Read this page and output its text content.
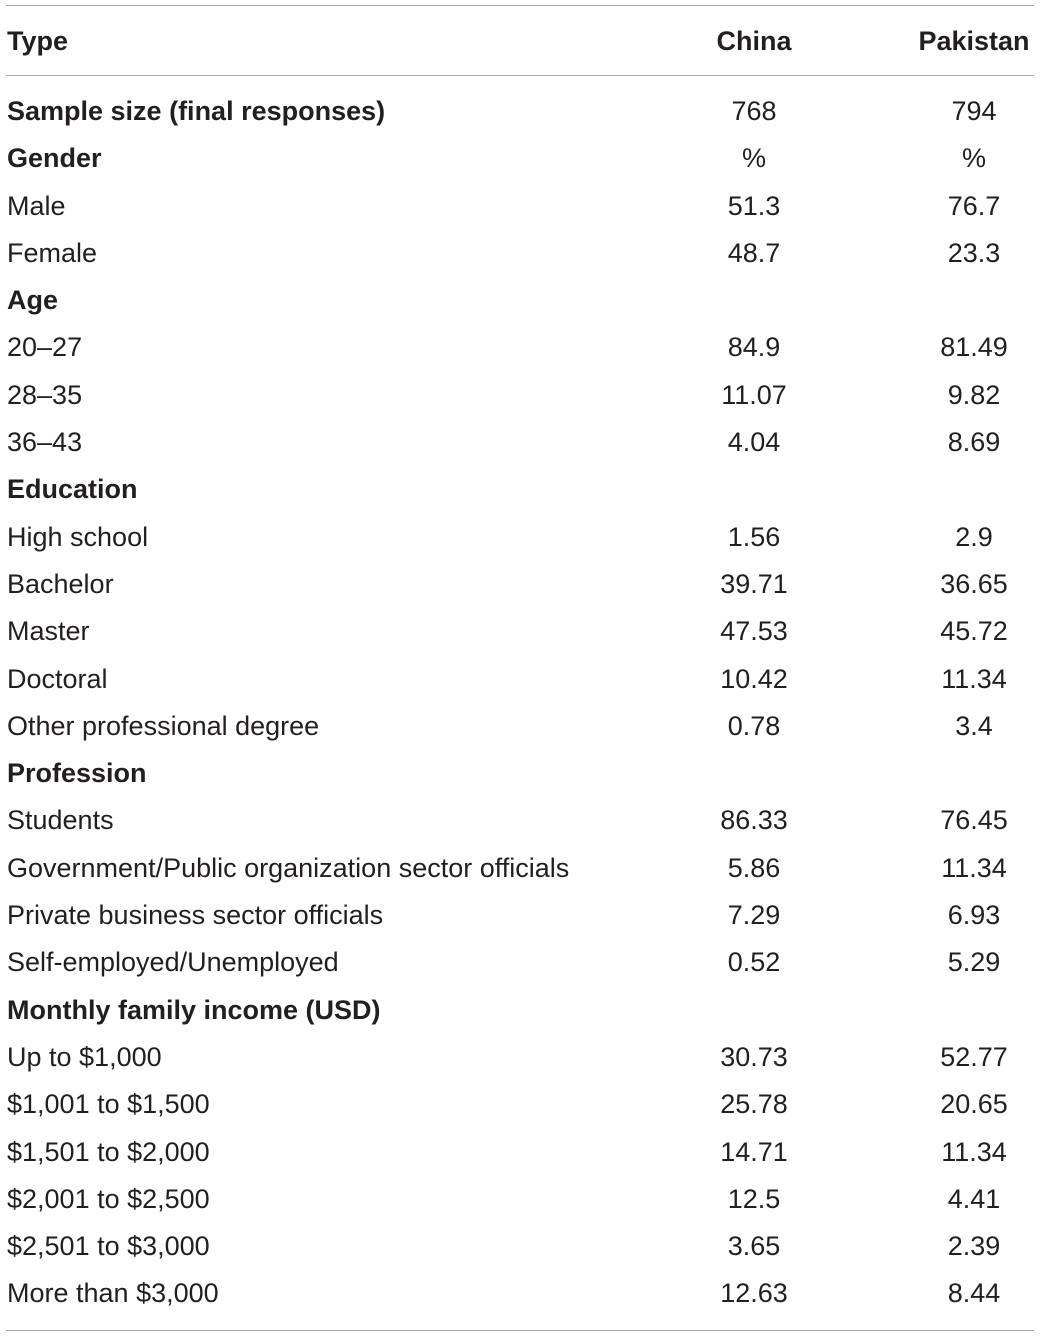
Type	China	Pakistan
Sample size (final responses)	768	794
Gender	%	%
Male	51.3	76.7
Female	48.7	23.3
Age
20–27	84.9	81.49
28–35	11.07	9.82
36–43	4.04	8.69
Education
High school	1.56	2.9
Bachelor	39.71	36.65
Master	47.53	45.72
Doctoral	10.42	11.34
Other professional degree	0.78	3.4
Profession
Students	86.33	76.45
Government/Public organization sector officials	5.86	11.34
Private business sector officials	7.29	6.93
Self-employed/Unemployed	0.52	5.29
Monthly family income (USD)
Up to $1,000	30.73	52.77
$1,001 to $1,500	25.78	20.65
$1,501 to $2,000	14.71	11.34
$2,001 to $2,500	12.5	4.41
$2,501 to $3,000	3.65	2.39
More than $3,000	12.63	8.44
